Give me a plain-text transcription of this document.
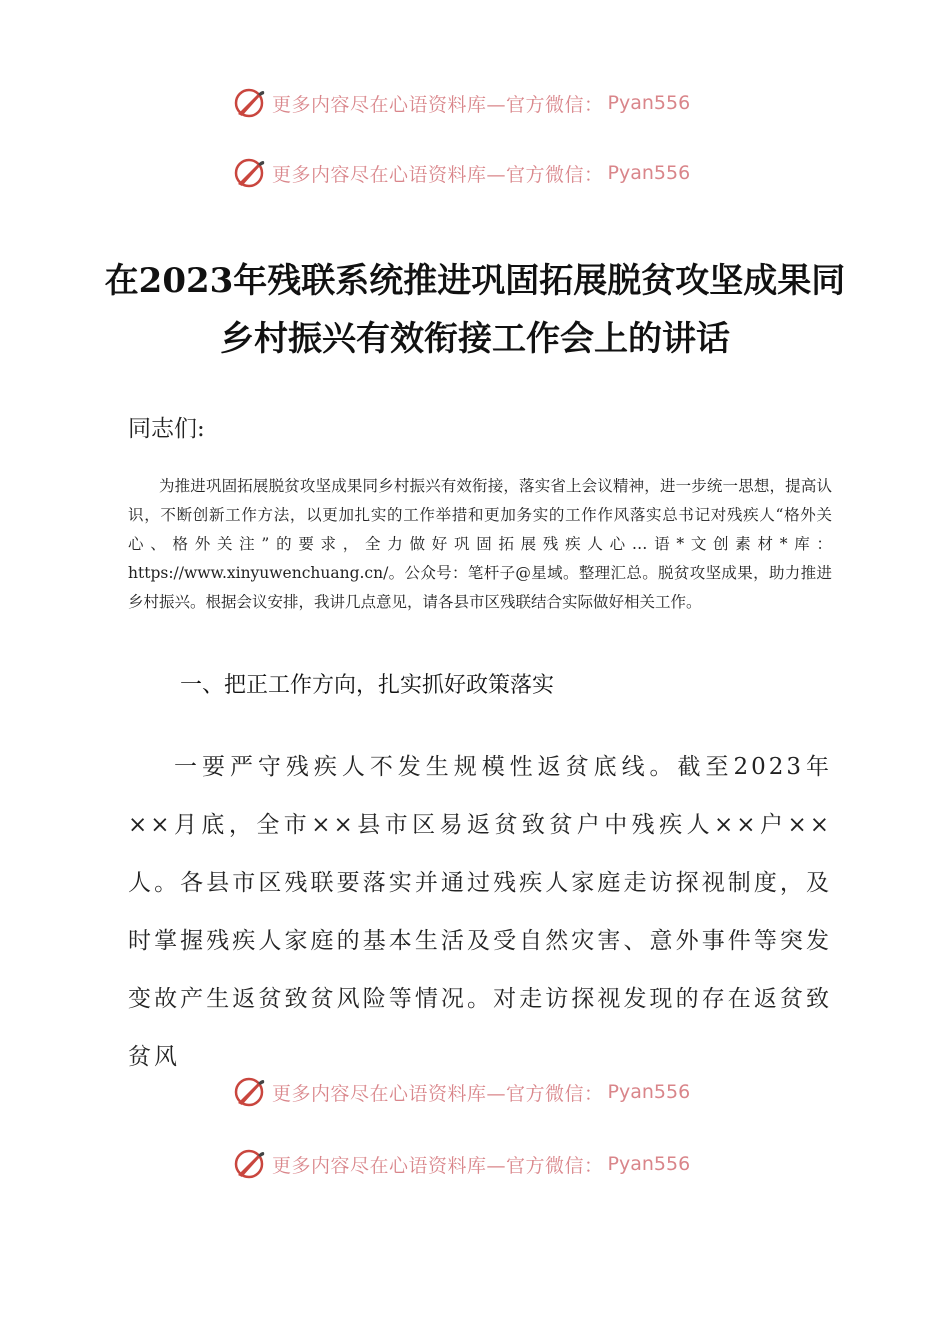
更多内容尽在心语资料库—官方微信： Pyan556
更多内容尽在心语资料库—官方微信： Pyan556
在2023年残联系统推进巩固拓展脱贫攻坚成果同乡村振兴有效衔接工作会上的讲话
同志们:

为推进巩固拓展脱贫攻坚成果同乡村振兴有效衔接，落实省上会议精神，进一步统一思想，提高认识，不断创新工作方法，以更加扎实的工作举措和更加务实的工作作风落实总书记对残疾人“格外关心、格外关注”的要求，全力做好巩固拓展残疾人心…语*文创素材*库：https://www.xinyuwenchuang.cn/。公众号：笔杆子@星域。整理汇总。脱贫攻坚成果，助力推进乡村振兴。根据会议安排，我讲几点意见，请各县市区残联结合实际做好相关工作。

一、把正工作方向，扎实抓好政策落实

一要严守残疾人不发生规模性返贫底线。截至2023年××月底，全市××县市区易返贫致贫户中残疾人××户××人。各县市区残联要落实并通过残疾人家庭走访探视制度，及时掌握残疾人家庭的基本生活及受自然灾害、意外事件等突发变故产生返贫致贫风险等情况。对走访探视发现的存在返贫致贫风

更多内容尽在心语资料库—官方微信： Pyan556
更多内容尽在心语资料库—官方微信： Pyan556
